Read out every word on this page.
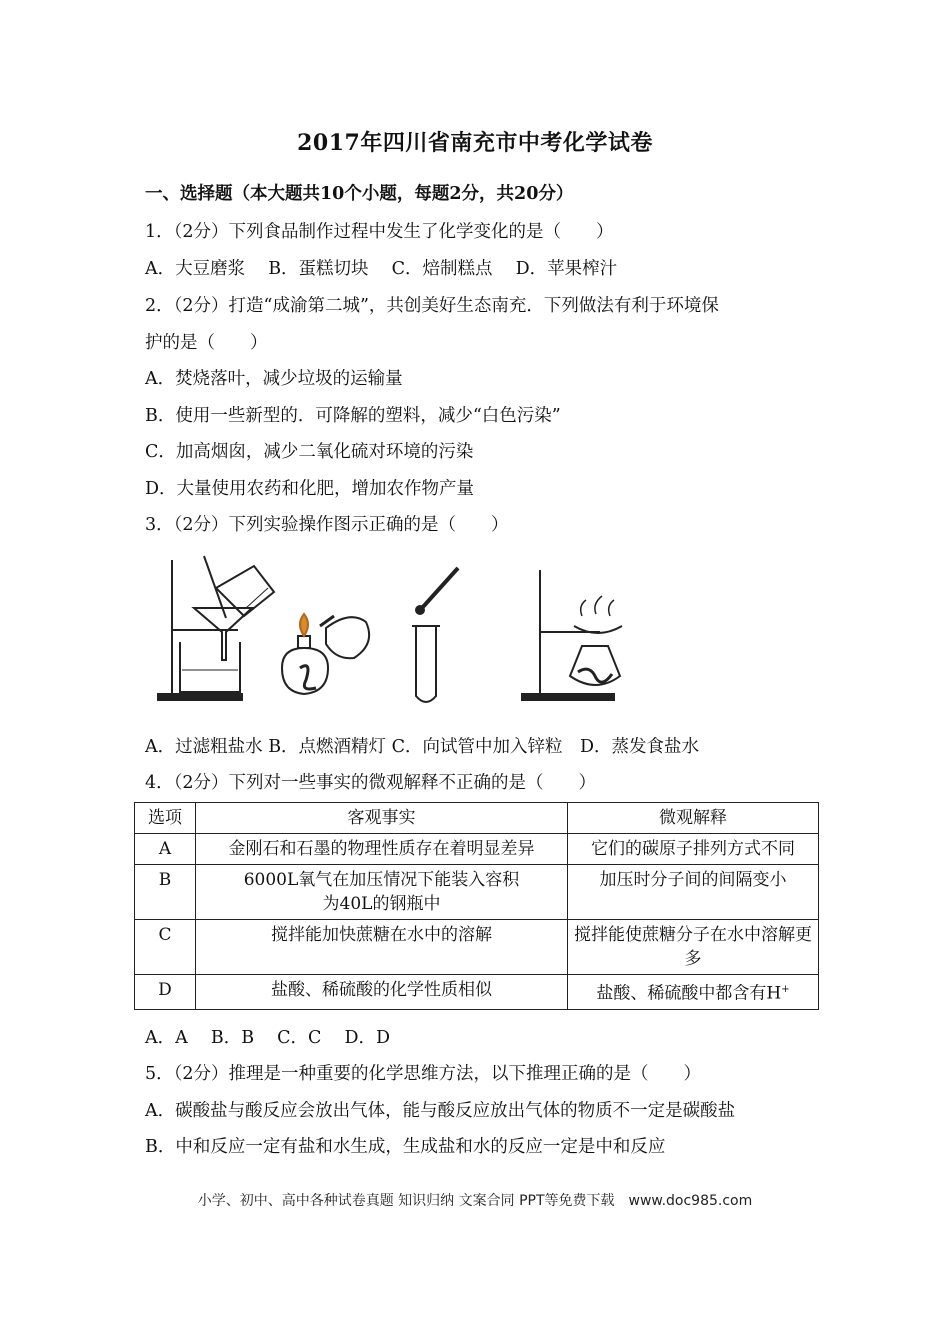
2017年四川省南充市中考化学试卷
一、选择题（本大题共10个小题，每题2分，共20分）
1．（2分）下列食品制作过程中发生了化学变化的是（　　）
A．大豆磨浆　 B．蛋糕切块　 C．焙制糕点　 D．苹果榨汁
2．（2分）打造“成渝第二城”，共创美好生态南充．下列做法有利于环境保
护的是（　　）
A．焚烧落叶，减少垃圾的运输量
B．使用一些新型的．可降解的塑料，减少“白色污染”
C．加高烟囱，减少二氧化硫对环境的污染
D．大量使用农药和化肥，增加农作物产量
3．（2分）下列实验操作图示正确的是（　　）
A．过滤粗盐水 B．点燃酒精灯 C．向试管中加入锌粒　D．蒸发食盐水
4．（2分）下列对一些事实的微观解释不正确的是（　　）
选项	客观事实	微观解释
A	金刚石和石墨的物理性质存在着明显差异	它们的碳原子排列方式不同
B	6000L氧气在加压情况下能装入容积为40L的钢瓶中	加压时分子间的间隔变小
C	搅拌能加快蔗糖在水中的溶解	搅拌能使蔗糖分子在水中溶解更多
D	盐酸、稀硫酸的化学性质相似	盐酸、稀硫酸中都含有H+
A．A　 B．B　 C．C　 D．D
5．（2分）推理是一种重要的化学思维方法，以下推理正确的是（　　）
A．碳酸盐与酸反应会放出气体，能与酸反应放出气体的物质不一定是碳酸盐
B．中和反应一定有盐和水生成，生成盐和水的反应一定是中和反应
小学、初中、高中各种试卷真题 知识归纳 文案合同 PPT等免费下载　www.doc985.com
